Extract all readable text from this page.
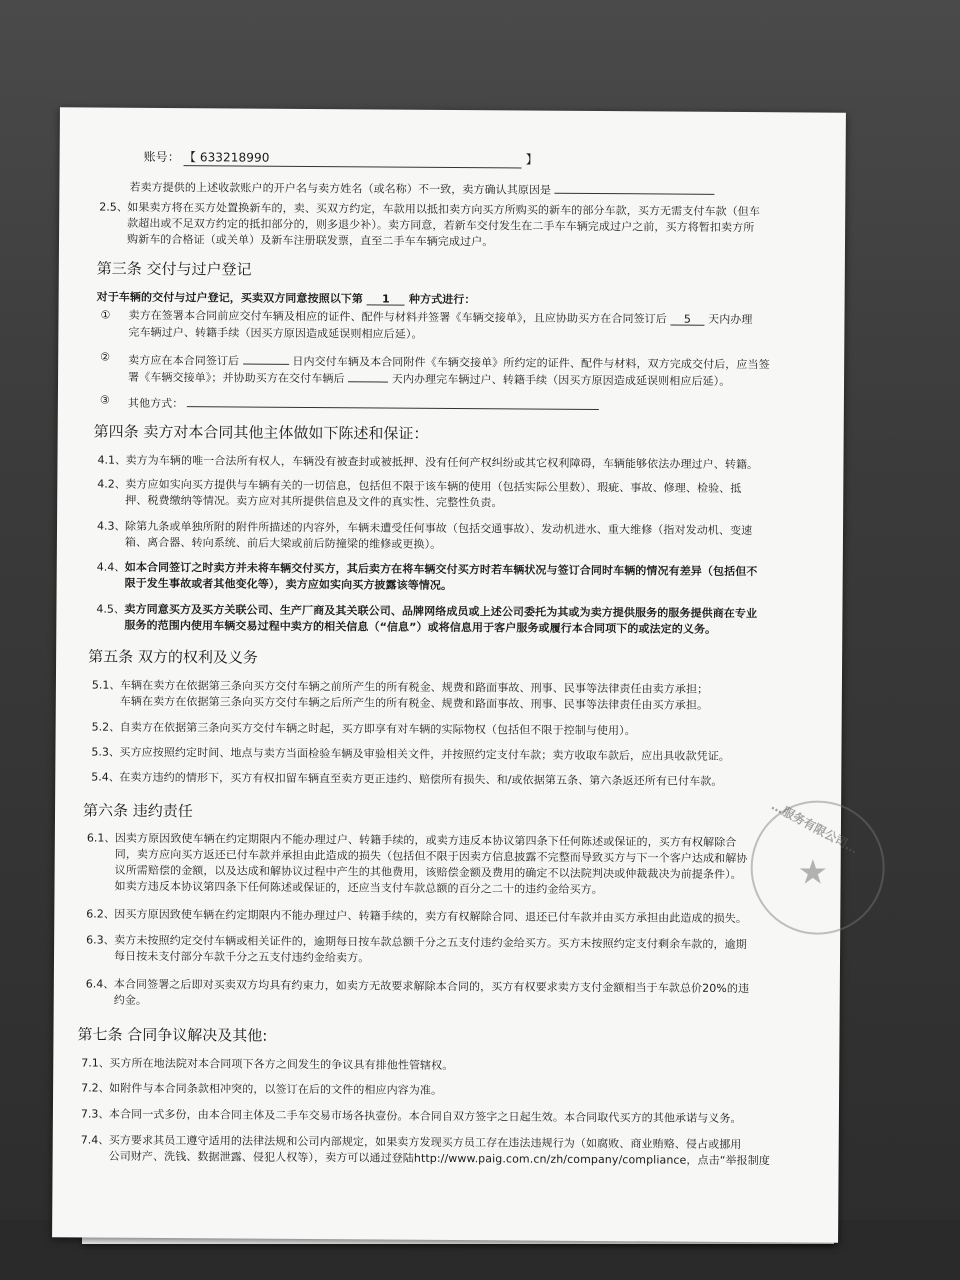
账号： 【 633218990	】
若卖方提供的上述收款账户的开户名与卖方姓名（或名称）不一致，卖方确认其原因是
2.5、 如果卖方将在买方处置换新车的，卖、买双方约定，车款用以抵扣卖方向买方所购买的新车的部分车款，买方无需支付车款（但车
款超出或不足双方约定的抵扣部分的，则多退少补）。卖方同意，若新车交付发生在二手车车辆完成过户之前，买方将暂扣卖方所
购新车的合格证（或关单）及新车注册联发票，直至二手车车辆完成过户。
第三条 交付与过户登记
对于车辆的交付与过户登记，买卖双方同意按照以下第 1 种方式进行：
① 卖方在签署本合同前应交付车辆及相应的证件、配件与材料并签署《车辆交接单》，且应协助买方在合同签订后 5 天内办理
完车辆过户、转籍手续（因买方原因造成延误则相应后延）。
② 卖方应在本合同签订后	日内交付车辆及本合同附件《车辆交接单》所约定的证件、配件与材料，双方完成交付后，应当签
署《车辆交接单》；并协助买方在交付车辆后	天内办理完车辆过户、转籍手续（因买方原因造成延误则相应后延）。
③ 其他方式：
第四条 卖方对本合同其他主体做如下陈述和保证：
4.1、 卖方为车辆的唯一合法所有权人，车辆没有被查封或被抵押、没有任何产权纠纷或其它权利障碍，车辆能够依法办理过户、转籍。
4.2、 卖方应如实向买方提供与车辆有关的一切信息，包括但不限于该车辆的使用（包括实际公里数）、瑕疵、事故、修理、检验、抵
押、税费缴纳等情况。卖方应对其所提供信息及文件的真实性、完整性负责。
4.3、 除第九条或单独所附的附件所描述的内容外，车辆未遭受任何事故（包括交通事故）、发动机进水、重大维修（指对发动机、变速
箱、离合器、转向系统、前后大梁或前后防撞梁的维修或更换）。
4.4、 如本合同签订之时卖方并未将车辆交付买方，其后卖方在将车辆交付买方时若车辆状况与签订合同时车辆的情况有差异（包括但不
限于发生事故或者其他变化等），卖方应如实向买方披露该等情况。
4.5、 卖方同意买方及买方关联公司、生产厂商及其关联公司、品牌网络成员或上述公司委托为其或为卖方提供服务的服务提供商在专业
服务的范围内使用车辆交易过程中卖方的相关信息（“信息”）或将信息用于客户服务或履行本合同项下的或法定的义务。
第五条 双方的权利及义务
5.1、 车辆在卖方在依据第三条向买方交付车辆之前所产生的所有税金、规费和路面事故、刑事、民事等法律责任由卖方承担；
车辆在卖方在依据第三条向买方交付车辆之后所产生的所有税金、规费和路面事故、刑事、民事等法律责任由买方承担。
5.2、 自卖方在依据第三条向买方交付车辆之时起，买方即享有对车辆的实际物权（包括但不限于控制与使用）。
5.3、 买方应按照约定时间、地点与卖方当面检验车辆及审验相关文件，并按照约定支付车款；卖方收取车款后，应出具收款凭证。
5.4、 在卖方违约的情形下，买方有权扣留车辆直至卖方更正违约、赔偿所有损失、和/或依据第五条、第六条返还所有已付车款。
第六条 违约责任
6.1、 因卖方原因致使车辆在约定期限内不能办理过户、转籍手续的，或卖方违反本协议第四条下任何陈述或保证的，买方有权解除合
同，卖方应向买方返还已付车款并承担由此造成的损失（包括但不限于因卖方信息披露不完整而导致买方与下一个客户达成和解协
议所需赔偿的金额，以及达成和解协议过程中产生的其他费用，该赔偿金额及费用的确定不以法院判决或仲裁裁决为前提条件）。
如卖方违反本协议第四条下任何陈述或保证的，还应当支付车款总额的百分之二十的违约金给买方。
6.2、 因买方原因致使车辆在约定期限内不能办理过户、转籍手续的，卖方有权解除合同、退还已付车款并由买方承担由此造成的损失。
6.3、 卖方未按照约定交付车辆或相关证件的，逾期每日按车款总额千分之五支付违约金给买方。买方未按照约定支付剩余车款的，逾期
每日按未支付部分车款千分之五支付违约金给卖方。
6.4、 本合同签署之后即对买卖双方均具有约束力，如卖方无故要求解除本合同的，买方有权要求卖方支付金额相当于车款总价20%的违
约金。
第七条 合同争议解决及其他:
7.1、 买方所在地法院对本合同项下各方之间发生的争议具有排他性管辖权。
7.2、 如附件与本合同条款相冲突的，以签订在后的文件的相应内容为准。
7.3、 本合同一式多份，由本合同主体及二手车交易市场各执壹份。本合同自双方签字之日起生效。本合同取代买方的其他承诺与义务。
7.4、 买方要求其员工遵守适用的法律法规和公司内部规定，如果卖方发现买方员工存在违法违规行为（如腐败、商业贿赂、侵占或挪用
公司财产、洗钱、数据泄露、侵犯人权等），卖方可以通过登陆http://www.paig.com.cn/zh/company/compliance，点击“举报制度
…服务有限公司…
★
